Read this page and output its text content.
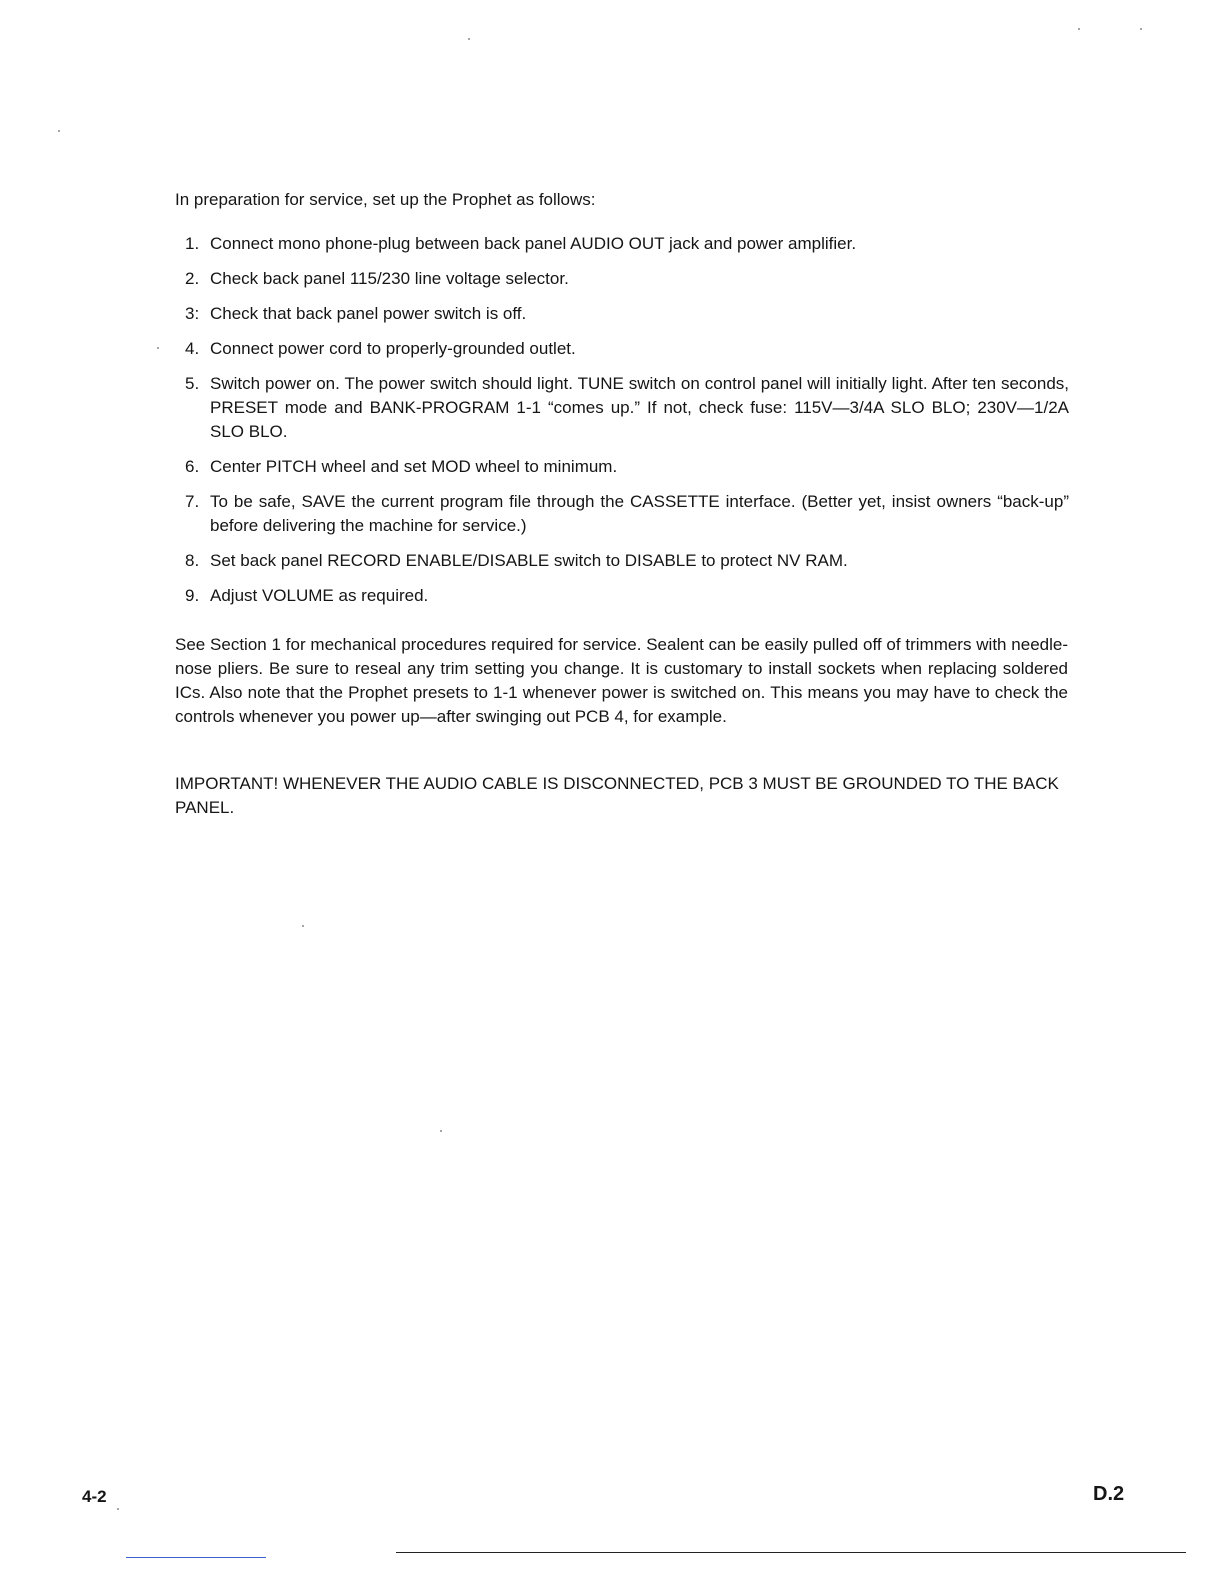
In preparation for service, set up the Prophet as follows:

1. Connect mono phone-plug between back panel AUDIO OUT jack and power amplifier.
2. Check back panel 115/230 line voltage selector.
3: Check that back panel power switch is off.
4. Connect power cord to properly-grounded outlet.
5. Switch power on. The power switch should light. TUNE switch on control panel will initially light. After ten seconds, PRESET mode and BANK-PROGRAM 1-1 “comes up.” If not, check fuse: 115V—3/4A SLO BLO; 230V—1/2A SLO BLO.
6. Center PITCH wheel and set MOD wheel to minimum.
7. To be safe, SAVE the current program file through the CASSETTE interface. (Better yet, insist owners “back-up” before delivering the machine for service.)
8. Set back panel RECORD ENABLE/DISABLE switch to DISABLE to protect NV RAM.
9. Adjust VOLUME as required.

See Section 1 for mechanical procedures required for service. Sealent can be easily pulled off of trimmers with needle-nose pliers. Be sure to reseal any trim setting you change. It is customary to install sockets when replacing soldered ICs. Also note that the Prophet presets to 1-1 whenever power is switched on. This means you may have to check the controls whenever you power up—after swinging out PCB 4, for example.

IMPORTANT! WHENEVER THE AUDIO CABLE IS DISCONNECTED, PCB 3 MUST BE GROUNDED TO THE BACK PANEL.

4-2	D.2
